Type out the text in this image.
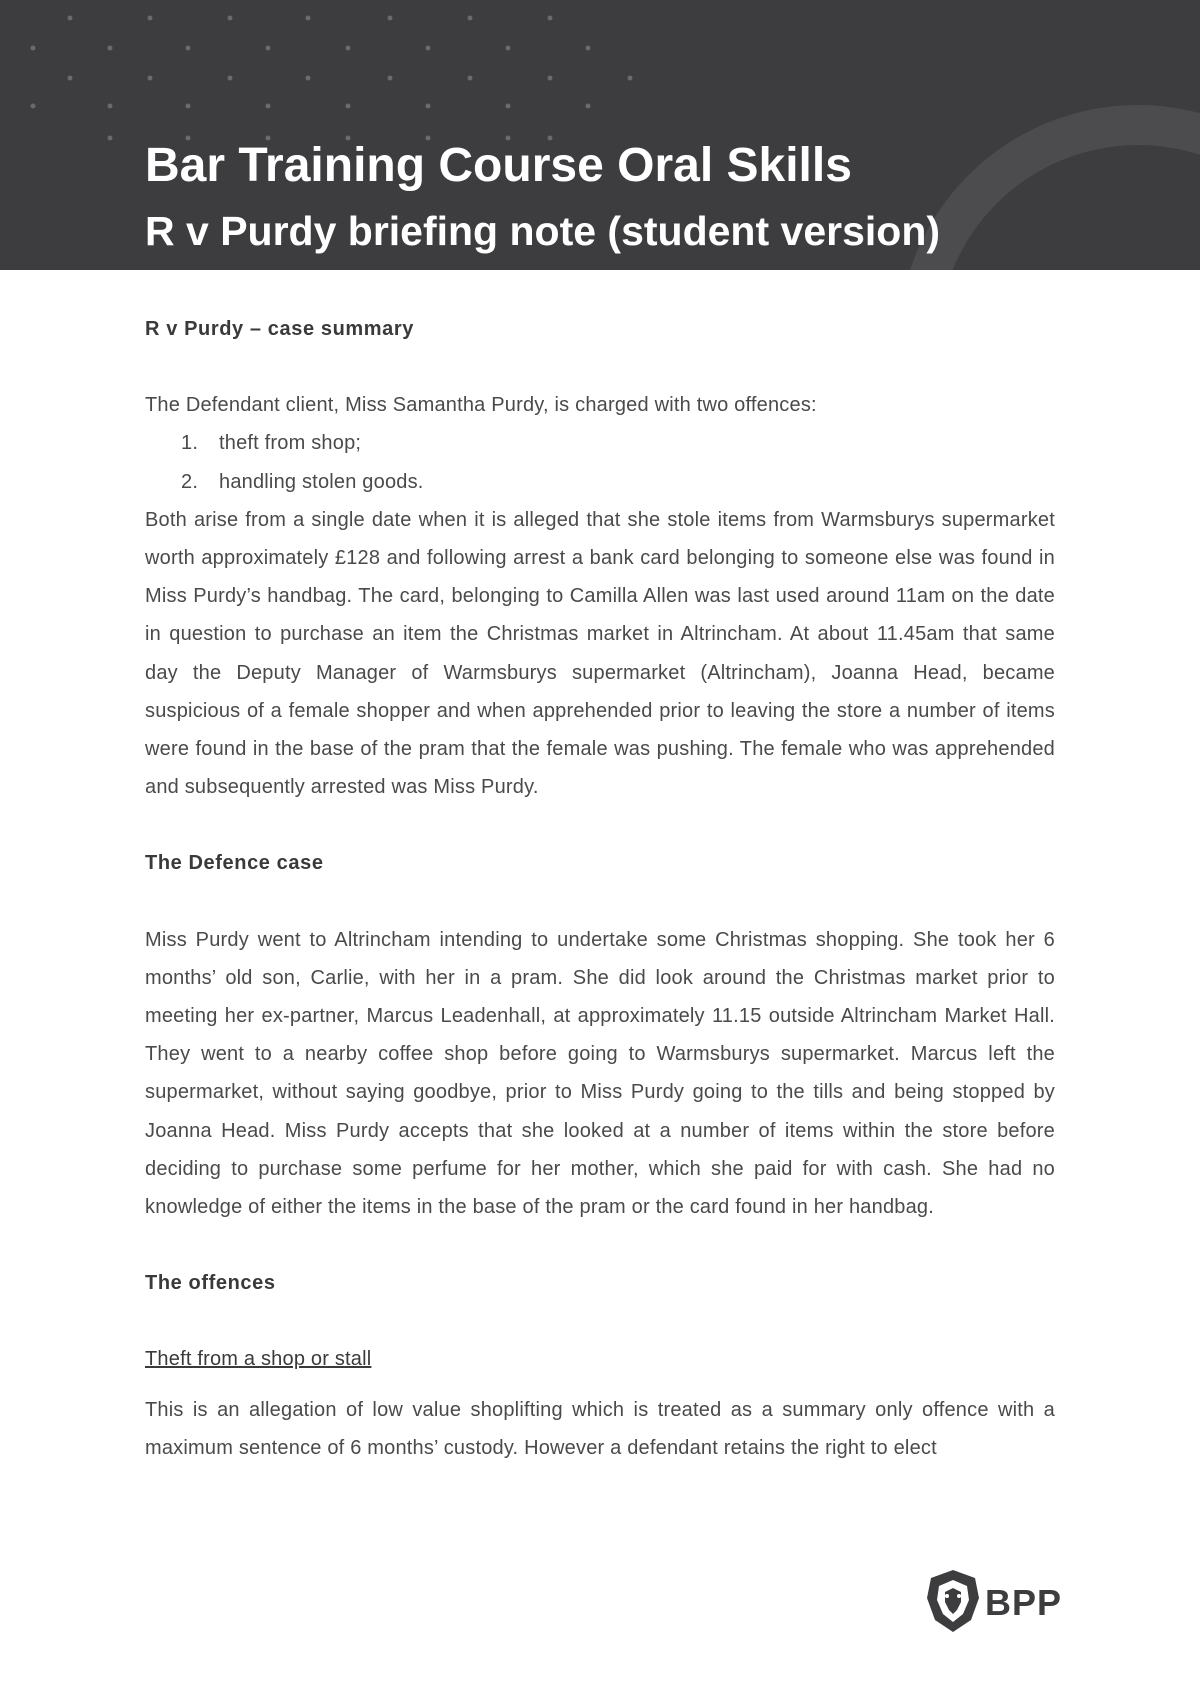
Bar Training Course Oral Skills
R v Purdy briefing note (student version)

R v Purdy – case summary

The Defendant client, Miss Samantha Purdy, is charged with two offences:

1.	theft from shop;
2.	handling stolen goods.

Both arise from a single date when it is alleged that she stole items from Warmsburys supermarket worth approximately £128 and following arrest a bank card belonging to someone else was found in Miss Purdy’s handbag. The card, belonging to Camilla Allen was last used around 11am on the date in question to purchase an item the Christmas market in Altrincham. At about 11.45am that same day the Deputy Manager of Warmsburys supermarket (Altrincham), Joanna Head, became suspicious of a female shopper and when apprehended prior to leaving the store a number of items were found in the base of the pram that the female was pushing. The female who was apprehended and subsequently arrested was Miss Purdy.

The Defence case

Miss Purdy went to Altrincham intending to undertake some Christmas shopping. She took her 6 months’ old son, Carlie, with her in a pram. She did look around the Christmas market prior to meeting her ex-partner, Marcus Leadenhall, at approximately 11.15 outside Altrincham Market Hall. They went to a nearby coffee shop before going to Warmsburys supermarket. Marcus left the supermarket, without saying goodbye, prior to Miss Purdy going to the tills and being stopped by Joanna Head. Miss Purdy accepts that she looked at a number of items within the store before deciding to purchase some perfume for her mother, which she paid for with cash. She had no knowledge of either the items in the base of the pram or the card found in her handbag.

The offences

Theft from a shop or stall

This is an allegation of low value shoplifting which is treated as a summary only offence with a maximum sentence of 6 months’ custody. However a defendant retains the right to elect

BPP
